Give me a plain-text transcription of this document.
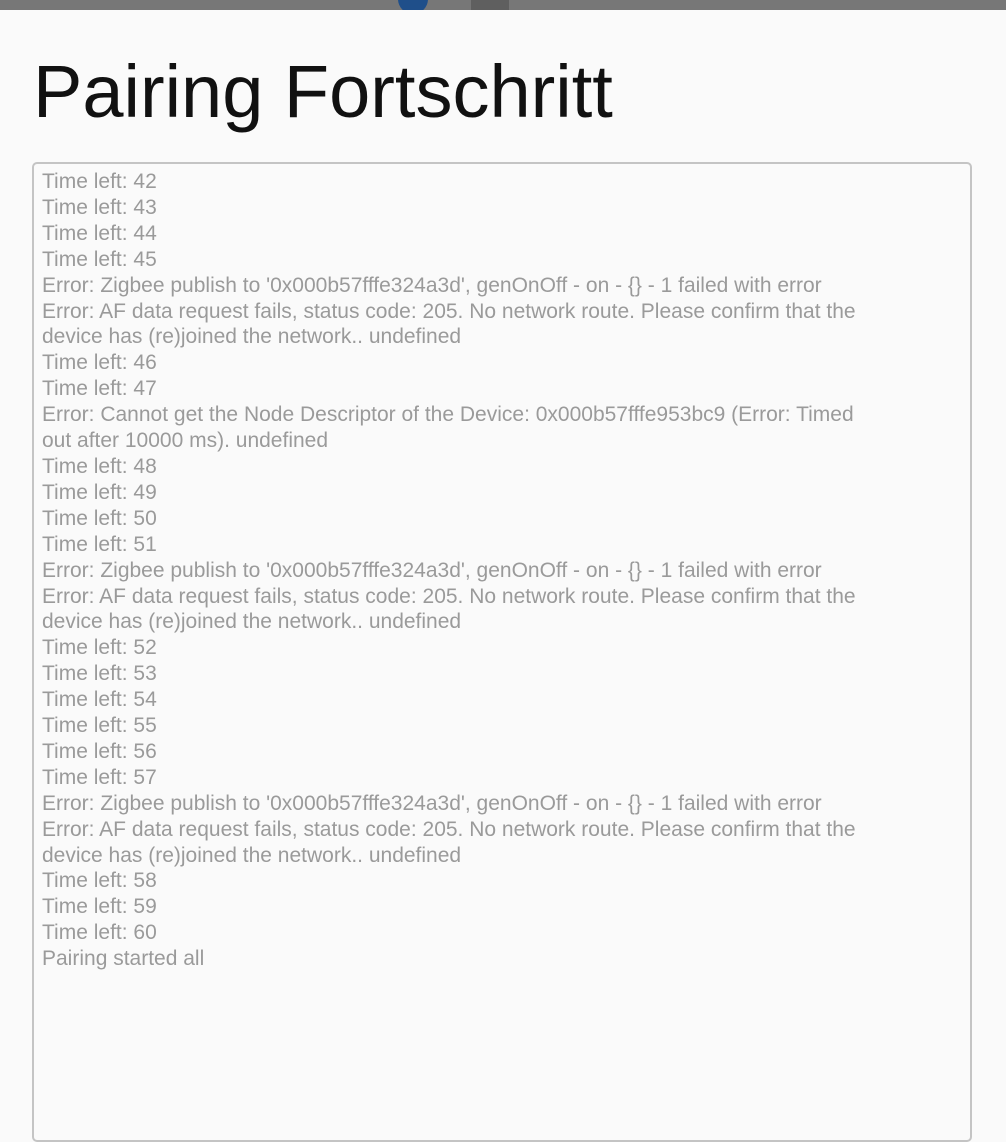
Pairing Fortschritt
Time left: 42
Time left: 43
Time left: 44
Time left: 45
Error: Zigbee publish to '0x000b57fffe324a3d', genOnOff - on - {} - 1 failed with error
Error: AF data request fails, status code: 205. No network route. Please confirm that the
device has (re)joined the network.. undefined
Time left: 46
Time left: 47
Error: Cannot get the Node Descriptor of the Device: 0x000b57fffe953bc9 (Error: Timed
out after 10000 ms). undefined
Time left: 48
Time left: 49
Time left: 50
Time left: 51
Error: Zigbee publish to '0x000b57fffe324a3d', genOnOff - on - {} - 1 failed with error
Error: AF data request fails, status code: 205. No network route. Please confirm that the
device has (re)joined the network.. undefined
Time left: 52
Time left: 53
Time left: 54
Time left: 55
Time left: 56
Time left: 57
Error: Zigbee publish to '0x000b57fffe324a3d', genOnOff - on - {} - 1 failed with error
Error: AF data request fails, status code: 205. No network route. Please confirm that the
device has (re)joined the network.. undefined
Time left: 58
Time left: 59
Time left: 60
Pairing started all
